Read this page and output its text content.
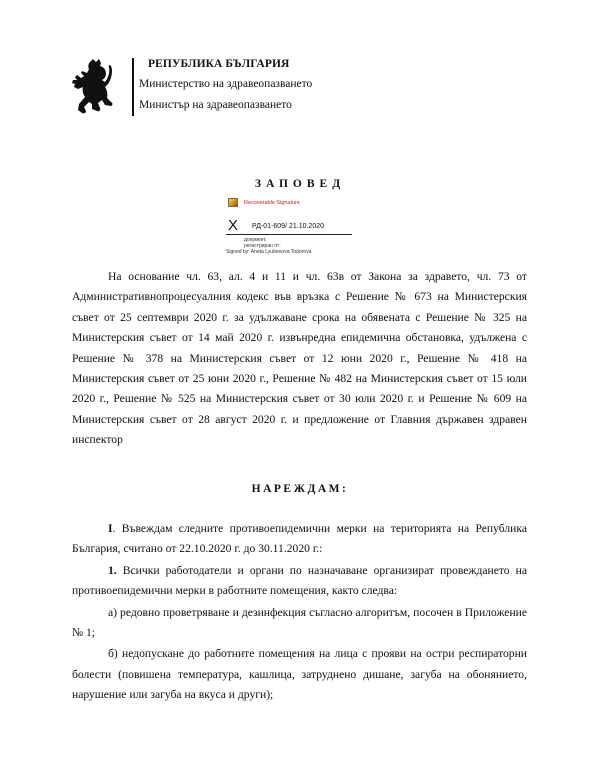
РЕПУБЛИКА БЪЛГАРИЯ
Министерство на здравеопазването
Министър на здравеопазването
ЗАПОВЕД
Recoverable Signature
X РД-01-609/ 21.10.2020
документ,
регистриран от:
Signed by: Aneta Lyubenova Todorova

На основание чл. 63, ал. 4 и 11 и чл. 63в от Закона за здравето, чл. 73 от Административнопроцесуалния кодекс във връзка с Решение № 673 на Министерския съвет от 25 септември 2020 г. за удължаване срока на обявената с Решение № 325 на Министерския съвет от 14 май 2020 г. извънредна епидемична обстановка, удължена с Решение № 378 на Министерския съвет от 12 юни 2020 г., Решение № 418 на Министерския съвет от 25 юни 2020 г., Решение № 482 на Министерския съвет от 15 юли 2020 г., Решение № 525 на Министерския съвет от 30 юли 2020 г. и Решение № 609 на Министерския съвет от 28 август 2020 г. и предложение от Главния държавен здравен инспектор

НАРЕЖДАМ:

I. Въвеждам следните противоепидемични мерки на територията на Република България, считано от 22.10.2020 г. до 30.11.2020 г.:

1. Всички работодатели и органи по назначаване организират провеждането на противоепидемични мерки в работните помещения, както следва:

а) редовно проветряване и дезинфекция съгласно алгоритъм, посочен в Приложение № 1;

б) недопускане до работните помещения на лица с прояви на остри респираторни болести (повишена температура, кашлица, затруднено дишане, загуба на обонянието, нарушение или загуба на вкуса и други);
